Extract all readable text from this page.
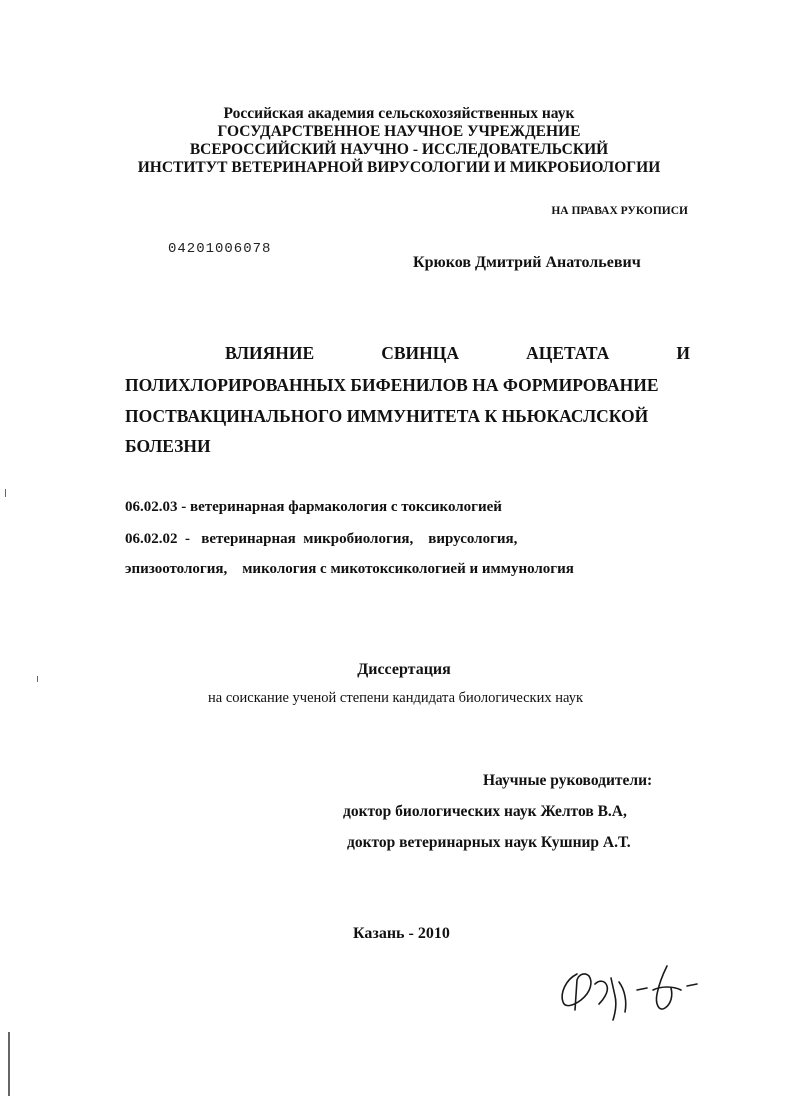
Российская академия сельскохозяйственных наук
ГОСУДАРСТВЕННОЕ НАУЧНОЕ УЧРЕЖДЕНИЕ
ВСЕРОССИЙСКИЙ НАУЧНО - ИССЛЕДОВАТЕЛЬСКИЙ
ИНСТИТУТ ВЕТЕРИНАРНОЙ ВИРУСОЛОГИИ И МИКРОБИОЛОГИИ
НА ПРАВАХ РУКОПИСИ
04201006078
Крюков Дмитрий Анатольевич
ВЛИЯНИЕ	СВИНЦА	АЦЕТАТА	И
ПОЛИХЛОРИРОВАННЫХ БИФЕНИЛОВ НА ФОРМИРОВАНИЕ
ПОСТВАКЦИНАЛЬНОГО ИММУНИТЕТА К НЬЮКАСЛСКОЙ
БОЛЕЗНИ
06.02.03 - ветеринарная фармакология с токсикологией
06.02.02  -   ветеринарная  микробиология,    вирусология,
эпизоотология,    микология с микотоксикологией и иммунология
Диссертация
на соискание ученой степени кандидата биологических наук
Научные руководители:
доктор биологических наук Желтов В.А,
доктор ветеринарных наук Кушнир А.Т.
Казань - 2010
